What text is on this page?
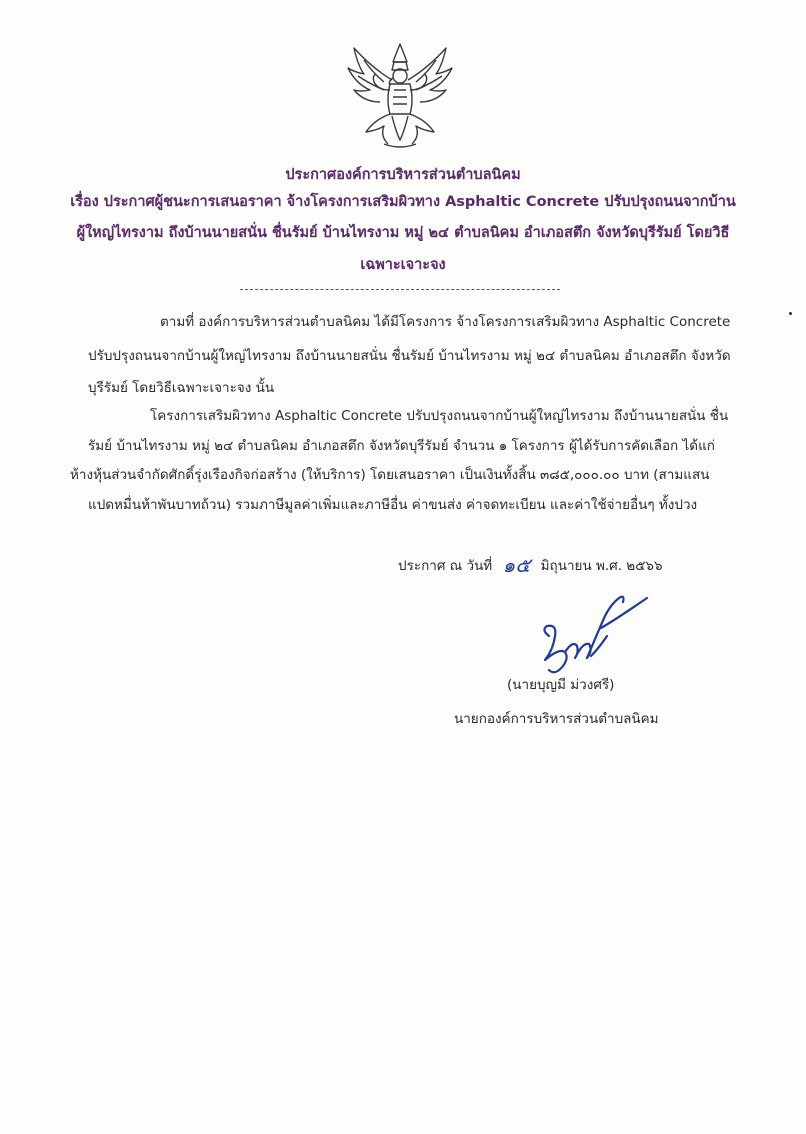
ประกาศองค์การบริหารส่วนตำบลนิคม
เรื่อง ประกาศผู้ชนะการเสนอราคา จ้างโครงการเสริมผิวทาง Asphaltic Concrete ปรับปรุงถนนจากบ้าน
ผู้ใหญ่ไทรงาม ถึงบ้านนายสนั่น ชื่นรัมย์ บ้านไทรงาม หมู่ ๒๔ ตำบลนิคม อำเภอสตึก จังหวัดบุรีรัมย์ โดยวิธี
เฉพาะเจาะจง
ตามที่ องค์การบริหารส่วนตำบลนิคม ได้มีโครงการ จ้างโครงการเสริมผิวทาง Asphaltic Concrete
ปรับปรุงถนนจากบ้านผู้ใหญ่ไทรงาม ถึงบ้านนายสนั่น ชื่นรัมย์ บ้านไทรงาม หมู่ ๒๔ ตำบลนิคม อำเภอสตึก จังหวัด
บุรีรัมย์ โดยวิธีเฉพาะเจาะจง นั้น
โครงการเสริมผิวทาง Asphaltic Concrete ปรับปรุงถนนจากบ้านผู้ใหญ่ไทรงาม ถึงบ้านนายสนั่น ชื่น
รัมย์ บ้านไทรงาม หมู่ ๒๔ ตำบลนิคม อำเภอสตึก จังหวัดบุรีรัมย์ จำนวน ๑ โครงการ ผู้ได้รับการคัดเลือก ได้แก่
ห้างหุ้นส่วนจำกัดศักดิ์รุ่งเรืองกิจก่อสร้าง (ให้บริการ) โดยเสนอราคา เป็นเงินทั้งสิ้น ๓๘๕,๐๐๐.๐๐ บาท (สามแสน
แปดหมื่นห้าพันบาทถ้วน) รวมภาษีมูลค่าเพิ่มและภาษีอื่น ค่าขนส่ง ค่าจดทะเบียน และค่าใช้จ่ายอื่นๆ ทั้งปวง
ประกาศ ณ วันที่ ๑๕ มิถุนายน พ.ศ. ๒๕๖๖
(นายบุญมี ม่วงศรี)
นายกองค์การบริหารส่วนตำบลนิคม
